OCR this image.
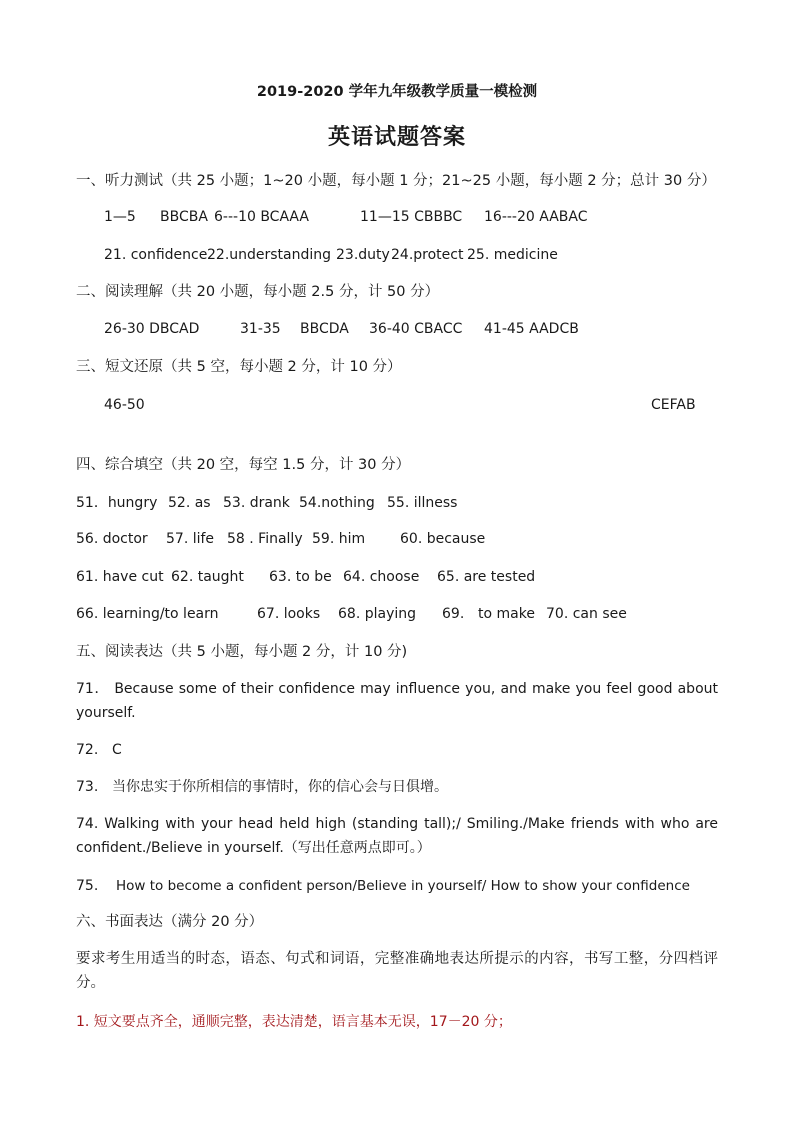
2019-2020 学年九年级教学质量一模检测
英语试题答案
一、听力测试（共 25 小题；1~20 小题，每小题 1 分；21~25 小题，每小题 2 分；总计 30 分）
1—5 BBCBA 6---10 BCAAA	11—15 CBBBC 16---20 AABAC
21. confidence 22.understanding 23.duty 24.protect 25. medicine
二、阅读理解（共 20 小题，每小题 2.5 分，计 50 分）
26-30 DBCAD	31-35 BBCDA 36-40 CBACC 41-45 AADCB
三、短文还原（共 5 空，每小题 2 分，计 10 分）
46-50	CEFAB
四、综合填空（共 20 空，每空 1.5 分，计 30 分）
51．hungry 52. as 53. drank 54.nothing 55. illness
56. doctor 57. life 58 . Finally 59. him 60. because
61. have cut 62. taught 63. to be 64. choose 65. are tested
66. learning/to learn	67. looks 68. playing 69. to make 70. can see
五、阅读表达（共 5 小题，每小题 2 分，计 10 分)
71． Because some of their confidence may influence you, and make you feel good about yourself.
72. C
73. 当你忠实于你所相信的事情时，你的信心会与日俱增。
74. Walking with your head held high (standing tall);/ Smiling./Make friends with who are confident./Believe in yourself.（写出任意两点即可。）
75. How to become a confident person/Believe in yourself/ How to show your confidence
六、书面表达（满分 20 分）
要求考生用适当的时态，语态、句式和词语，完整准确地表达所提示的内容，书写工整，分四档评分。
1. 短文要点齐全，通顺完整，表达清楚，语言基本无误，17－20 分；
